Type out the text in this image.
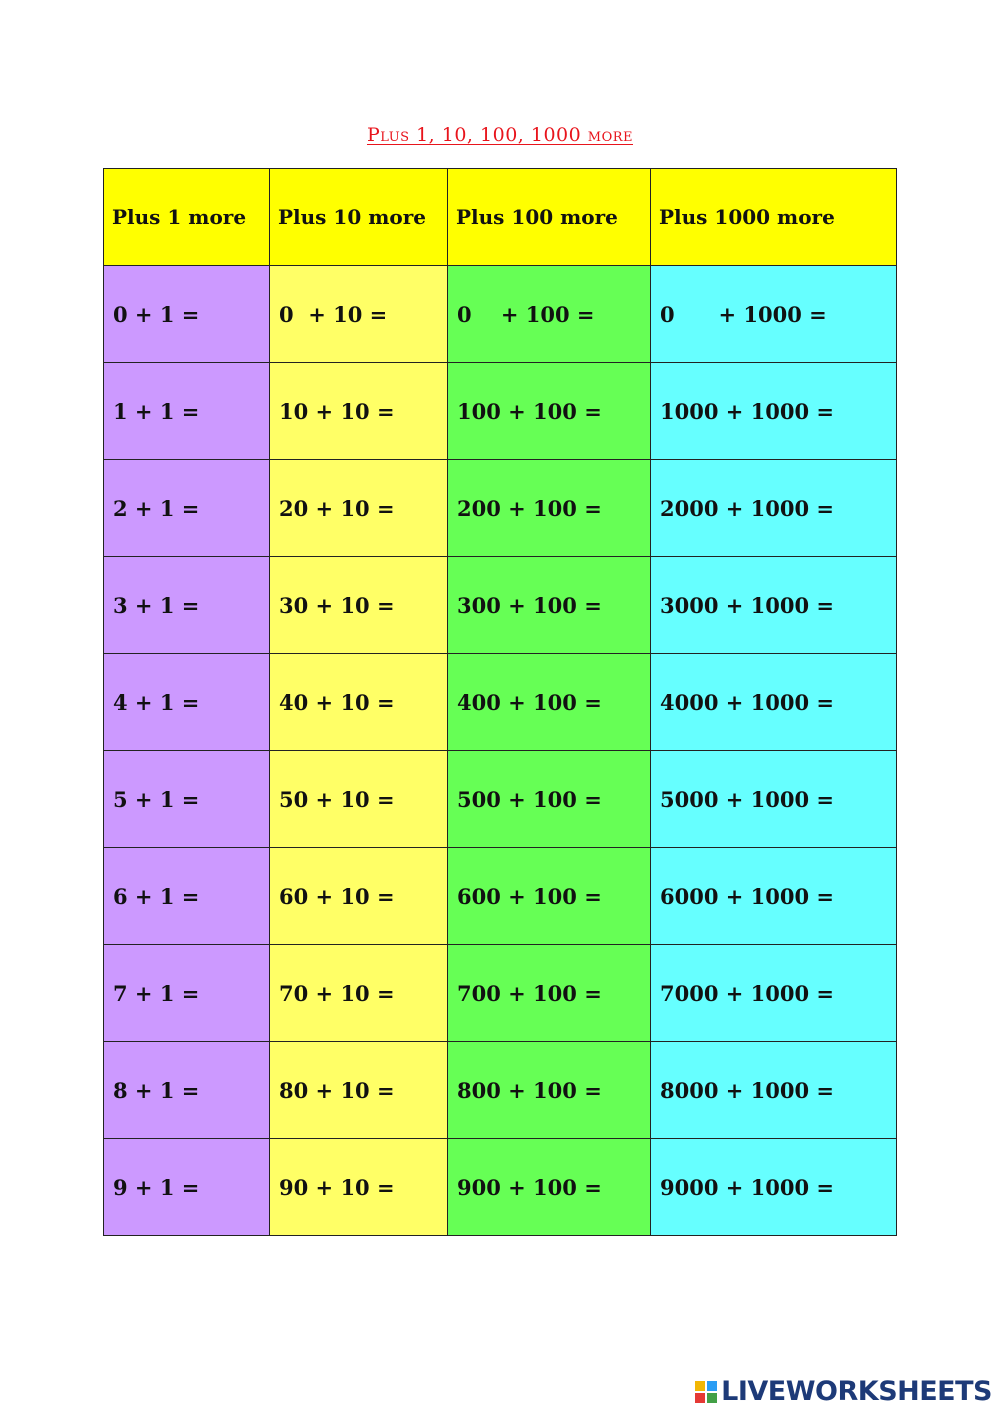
Plus 1, 10, 100, 1000 more
Plus 1 more	Plus 10 more	Plus 100 more	Plus 1000 more
0 + 1 =	0  + 10 =	0    + 100 =	0      + 1000 =
1 + 1 =	10 + 10 =	100 + 100 =	1000 + 1000 =
2 + 1 =	20 + 10 =	200 + 100 =	2000 + 1000 =
3 + 1 =	30 + 10 =	300 + 100 =	3000 + 1000 =
4 + 1 =	40 + 10 =	400 + 100 =	4000 + 1000 =
5 + 1 =	50 + 10 =	500 + 100 =	5000 + 1000 =
6 + 1 =	60 + 10 =	600 + 100 =	6000 + 1000 =
7 + 1 =	70 + 10 =	700 + 100 =	7000 + 1000 =
8 + 1 =	80 + 10 =	800 + 100 =	8000 + 1000 =
9 + 1 =	90 + 10 =	900 + 100 =	9000 + 1000 =
LIVEWORKSHEETS
